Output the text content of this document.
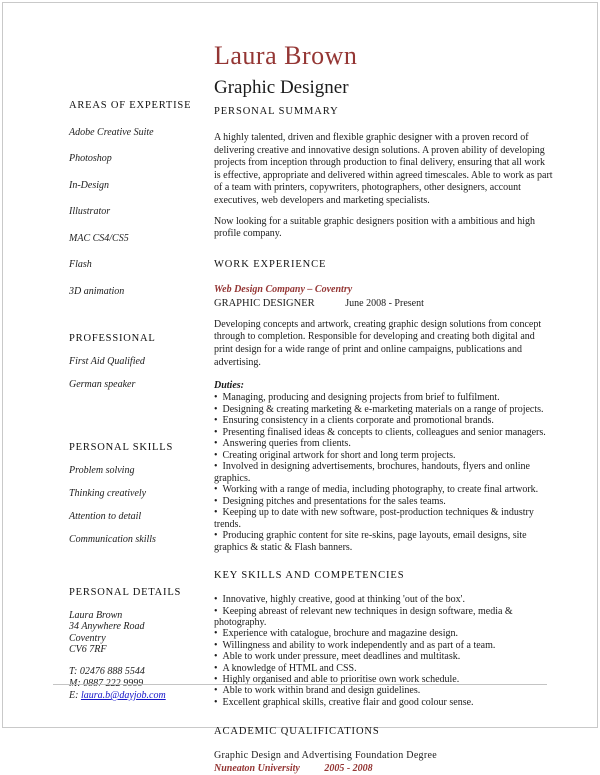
AREAS OF EXPERTISE
Adobe Creative Suite
Photoshop
In-Design
Illustrator
MAC CS4/CS5
Flash
3D animation
PROFESSIONAL
First Aid Qualified
German speaker
PERSONAL SKILLS
Problem solving
Thinking creatively
Attention to detail
Communication skills
PERSONAL DETAILS
Laura Brown
34 Anywhere Road
Coventry
CV6 7RF
T: 02476 888 5544
M: 0887 222 9999
E: laura.b@dayjob.com
Laura Brown
Graphic Designer
PERSONAL SUMMARY
A highly talented, driven and flexible graphic designer with a proven record of delivering creative and innovative design solutions. A proven ability of developing projects from inception through production to final delivery, ensuring that all work is effective, appropriate and delivered within agreed timescales. Able to work as part of a team with printers, copywriters, photographers, other designers, account executives, web developers and marketing specialists.
Now looking for a suitable graphic designers position with a ambitious and high profile company.
WORK EXPERIENCE
Web Design Company – Coventry
GRAPHIC DESIGNER	June 2008 - Present
Developing concepts and artwork, creating graphic design solutions from concept through to completion. Responsible for developing and creating both digital and print design for a wide range of print and online campaigns, publications and advertising.
Duties:
•  Managing, producing and designing projects from brief to fulfilment.
•  Designing & creating marketing & e-marketing materials on a range of projects.
•  Ensuring consistency in a clients corporate and promotional brands.
•  Presenting finalised ideas & concepts to clients, colleagues and senior managers.
•  Answering queries from clients.
•  Creating original artwork for short and long term projects.
•  Involved in designing advertisements, brochures, handouts, flyers and online graphics.
•  Working with a range of media, including photography, to create final artwork.
•  Designing pitches and presentations for the sales teams.
•  Keeping up to date with new software, post-production techniques & industry trends.
•  Producing graphic content for site re-skins, page layouts, email designs, site graphics & static & Flash banners.
KEY SKILLS AND COMPETENCIES
•  Innovative, highly creative, good at thinking 'out of the box'.
•  Keeping abreast of relevant new techniques in design software, media & photography.
•  Experience with catalogue, brochure and magazine design.
•  Willingness and ability to work independently and as part of a team.
•  Able to work under pressure, meet deadlines and multitask.
•  A knowledge of HTML and CSS.
•  Highly organised and able to prioritise own work schedule.
•  Able to work within brand and design guidelines.
•  Excellent graphical skills, creative flair and good colour sense.
ACADEMIC QUALIFICATIONS
Graphic Design and Advertising Foundation Degree
Nuneaton University 2005 - 2008
